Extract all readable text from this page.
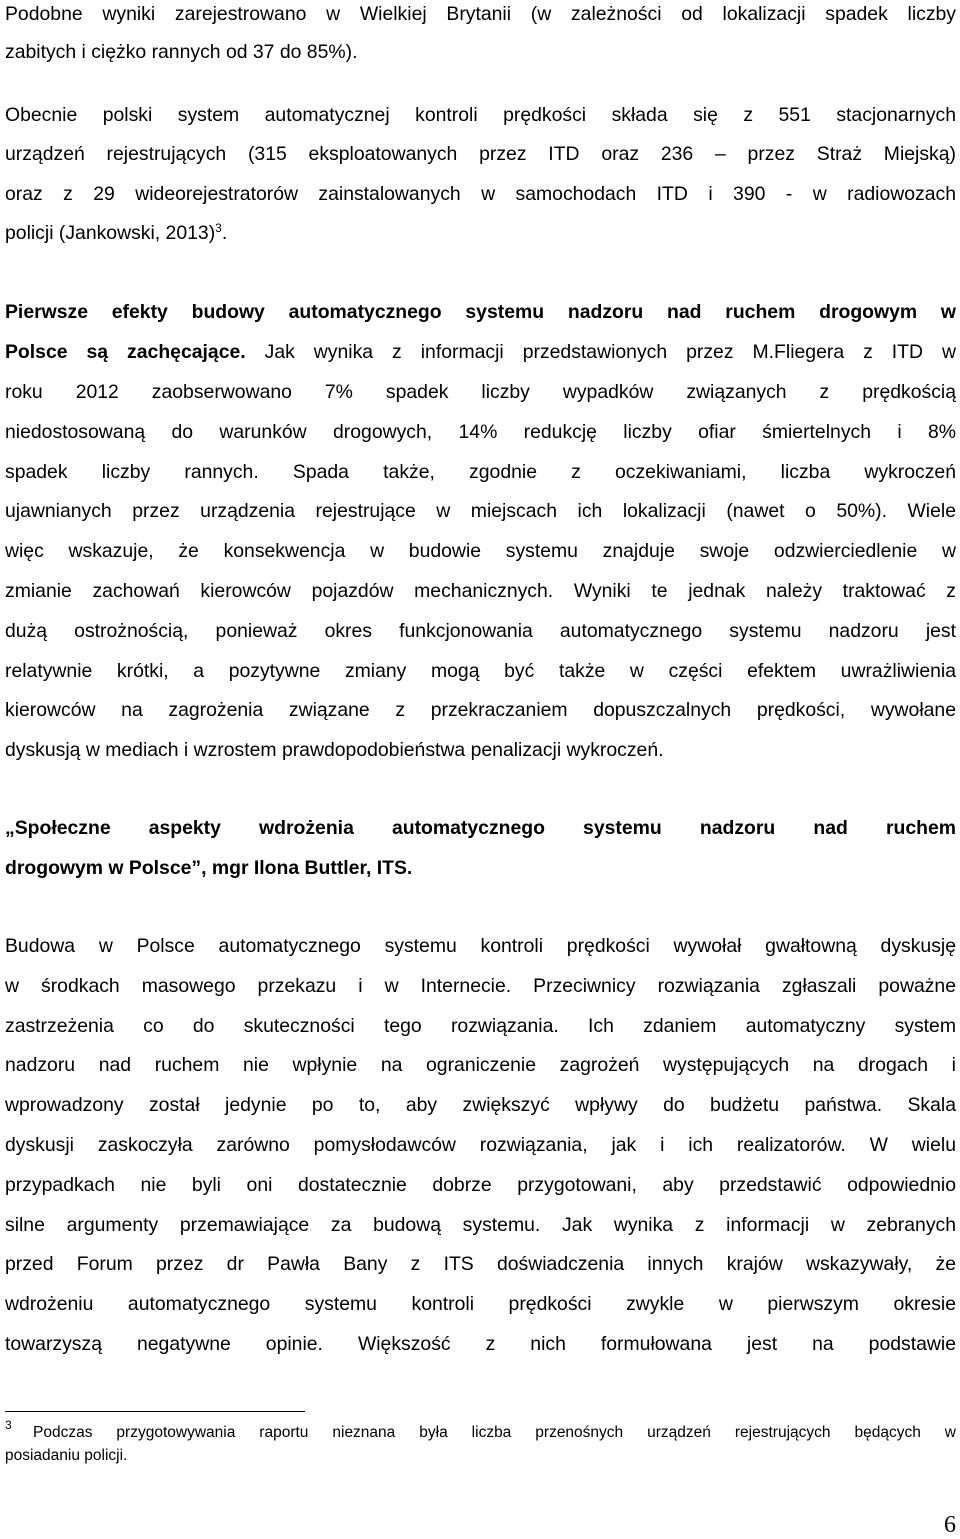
Podobne wyniki zarejestrowano w Wielkiej Brytanii (w zależności od lokalizacji spadek liczby
zabitych i ciężko rannych od 37 do 85%).
Obecnie polski system automatycznej kontroli prędkości składa się z 551 stacjonarnych
urządzeń rejestrujących (315 eksploatowanych przez ITD oraz 236 – przez Straż Miejską)
oraz z 29 wideorejestratorów zainstalowanych w samochodach ITD i 390 - w radiowozach
policji (Jankowski, 2013)$^3$.
Pierwsze efekty budowy automatycznego systemu nadzoru nad ruchem drogowym w
Polsce są zachęcające. Jak wynika z informacji przedstawionych przez M.Fliegera z ITD w
roku 2012 zaobserwowano 7% spadek liczby wypadków związanych z prędkością
niedostosowaną do warunków drogowych, 14% redukcję liczby ofiar śmiertelnych i 8%
spadek liczby rannych. Spada także, zgodnie z oczekiwaniami, liczba wykroczeń
ujawnianych przez urządzenia rejestrujące w miejscach ich lokalizacji (nawet o 50%). Wiele
więc wskazuje, że konsekwencja w budowie systemu znajduje swoje odzwierciedlenie w
zmianie zachowań kierowców pojazdów mechanicznych. Wyniki te jednak należy traktować z
dużą ostrożnością, ponieważ okres funkcjonowania automatycznego systemu nadzoru jest
relatywnie krótki, a pozytywne zmiany mogą być także w części efektem uwrażliwienia
kierowców na zagrożenia związane z przekraczaniem dopuszczalnych prędkości, wywołane
dyskusją w mediach i wzrostem prawdopodobieństwa penalizacji wykroczeń.
„Społeczne aspekty wdrożenia automatycznego systemu nadzoru nad ruchem
drogowym w Polsce”, mgr Ilona Buttler, ITS.
Budowa w Polsce automatycznego systemu kontroli prędkości wywołał gwałtowną dyskusję
w środkach masowego przekazu i w Internecie. Przeciwnicy rozwiązania zgłaszali poważne
zastrzeżenia co do skuteczności tego rozwiązania. Ich zdaniem automatyczny system
nadzoru nad ruchem nie wpłynie na ograniczenie zagrożeń występujących na drogach i
wprowadzony został jedynie po to, aby zwiększyć wpływy do budżetu państwa. Skala
dyskusji zaskoczyła zarówno pomysłodawców rozwiązania, jak i ich realizatorów. W wielu
przypadkach nie byli oni dostatecznie dobrze przygotowani, aby przedstawić odpowiednio
silne argumenty przemawiające za budową systemu. Jak wynika z informacji w zebranych
przed Forum przez dr Pawła Bany z ITS doświadczenia innych krajów wskazywały, że
wdrożeniu automatycznego systemu kontroli prędkości zwykle w pierwszym okresie
towarzyszą negatywne opinie. Większość z nich formułowana jest na podstawie
3 Podczas przygotowywania raportu nieznana była liczba przenośnych urządzeń rejestrujących będących w
posiadaniu policji.
6
